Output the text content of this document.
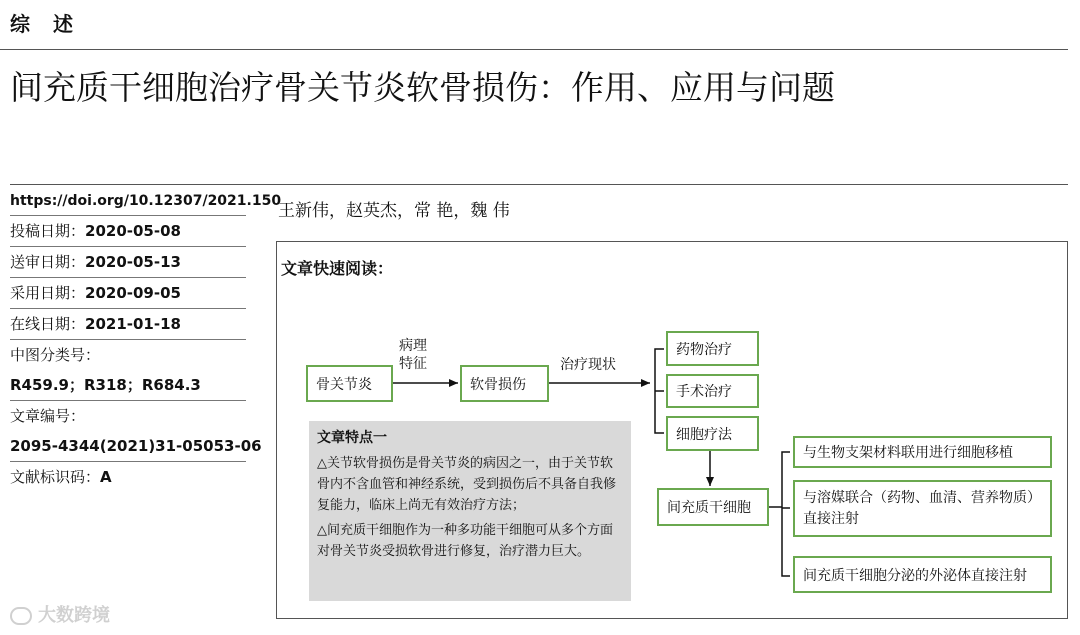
综 述
间充质干细胞治疗骨关节炎软骨损伤：作用、应用与问题
https://doi.org/10.12307/2021.150
投稿日期：2020-05-08
送审日期：2020-05-13
采用日期：2020-09-05
在线日期：2021-01-18
中图分类号：
R459.9；R318；R684.3
文章编号：
2095-4344(2021)31-05053-06
文献标识码：A
王新伟，赵英杰，常 艳，魏 伟
文章快速阅读：
骨关节炎	软骨损伤
药物治疗
手术治疗
细胞疗法
间充质干细胞
与生物支架材料联用进行细胞移植
与溶媒联合（药物、血清、营养物质）直接注射
间充质干细胞分泌的外泌体直接注射
病理
特征	治疗现状
文章特点一
△关节软骨损伤是骨关节炎的病因之一，由于关节软骨内不含血管和神经系统，受到损伤后不具备自我修复能力，临床上尚无有效治疗方法；
△间充质干细胞作为一种多功能干细胞可从多个方面对骨关节炎受损软骨进行修复，治疗潜力巨大。
大数跨境
